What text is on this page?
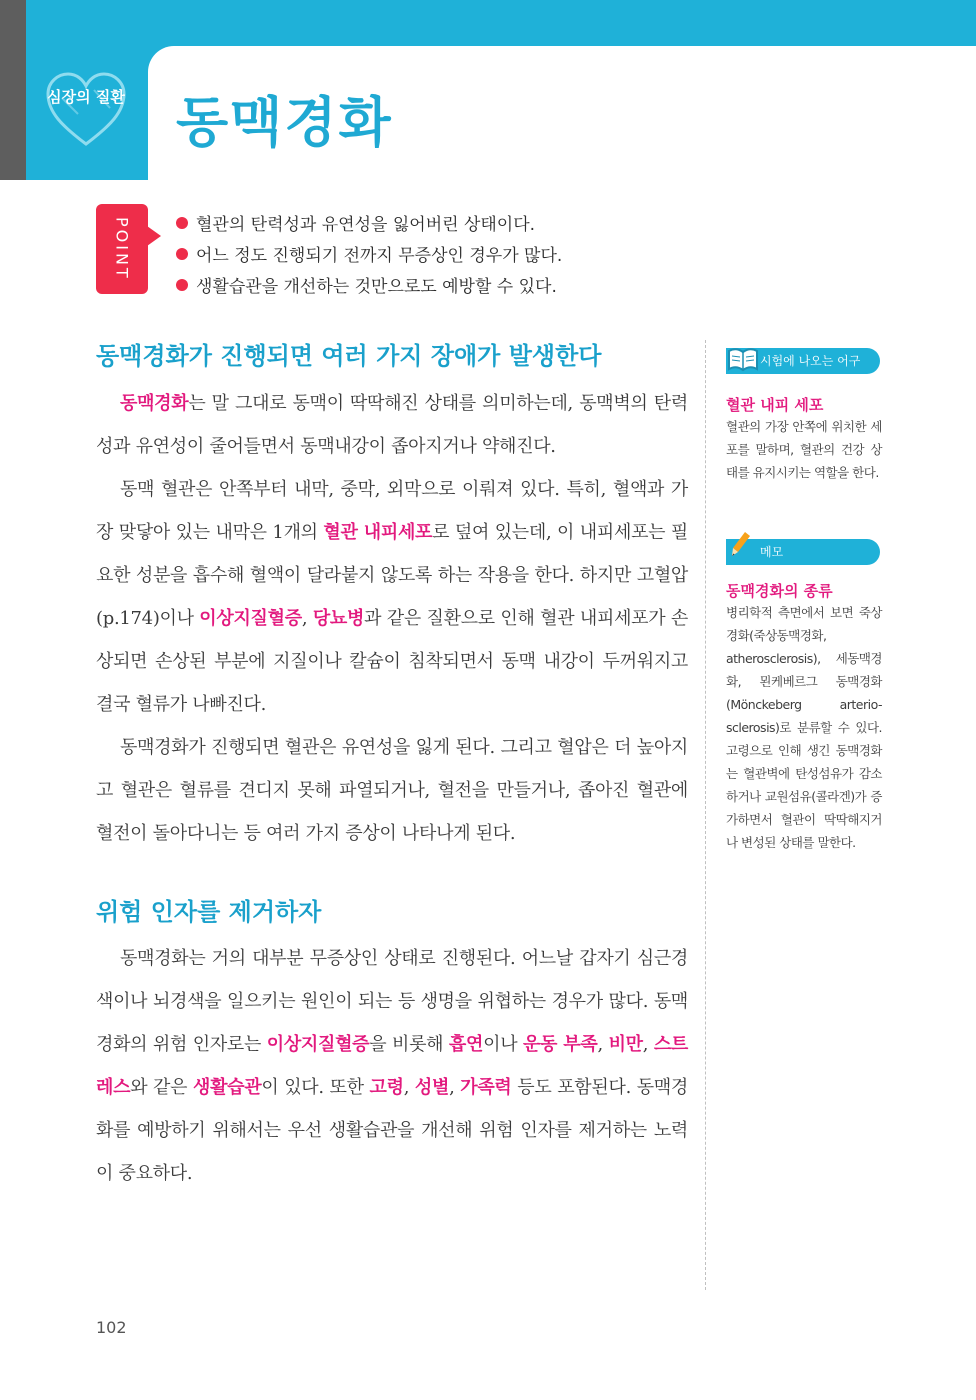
심장의 질환 동맥경화
POINT	혈관의 탄력성과 유연성을 잃어버린 상태이다.
어느 정도 진행되기 전까지 무증상인 경우가 많다.
생활습관을 개선하는 것만으로도 예방할 수 있다.
동맥경화가 진행되면 여러 가지 장애가 발생한다

동맥경화는 말 그대로 동맥이 딱딱해진 상태를 의미하는데, 동맥벽의 탄력성과 유연성이 줄어들면서 동맥내강이 좁아지거나 약해진다.

동맥 혈관은 안쪽부터 내막, 중막, 외막으로 이뤄져 있다. 특히, 혈액과 가장 맞닿아 있는 내막은 1개의 혈관 내피세포로 덮여 있는데, 이 내피세포는 필요한 성분을 흡수해 혈액이 달라붙지 않도록 하는 작용을 한다. 하지만 고혈압(p.174)이나 이상지질혈증, 당뇨병과 같은 질환으로 인해 혈관 내피세포가 손상되면 손상된 부분에 지질이나 칼슘이 침착되면서 동맥 내강이 두꺼워지고 결국 혈류가 나빠진다.

동맥경화가 진행되면 혈관은 유연성을 잃게 된다. 그리고 혈압은 더 높아지고 혈관은 혈류를 견디지 못해 파열되거나, 혈전을 만들거나, 좁아진 혈관에 혈전이 돌아다니는 등 여러 가지 증상이 나타나게 된다.

위험 인자를 제거하자

동맥경화는 거의 대부분 무증상인 상태로 진행된다. 어느날 갑자기 심근경색이나 뇌경색을 일으키는 원인이 되는 등 생명을 위협하는 경우가 많다. 동맥경화의 위험 인자로는 이상지질혈증을 비롯해 흡연이나 운동 부족, 비만, 스트레스와 같은 생활습관이 있다. 또한 고령, 성별, 가족력 등도 포함된다. 동맥경화를 예방하기 위해서는 우선 생활습관을 개선해 위험 인자를 제거하는 노력이 중요하다.

시험에 나오는 어구

혈관 내피 세포

혈관의 가장 안쪽에 위치한 세포를 말하며, 혈관의 건강 상태를 유지시키는 역할을 한다.

메모

동맥경화의 종류

병리학적 측면에서 보면 죽상경화(죽상동맥경화, atherosclerosis), 세동맥경화, 묀케베르그 동맥경화(Mönckeberg arterio-sclerosis)로 분류할 수 있다. 고령으로 인해 생긴 동맥경화는 혈관벽에 탄성섬유가 감소하거나 교원섬유(콜라겐)가 증가하면서 혈관이 딱딱해지거나 변성된 상태를 말한다.

102
